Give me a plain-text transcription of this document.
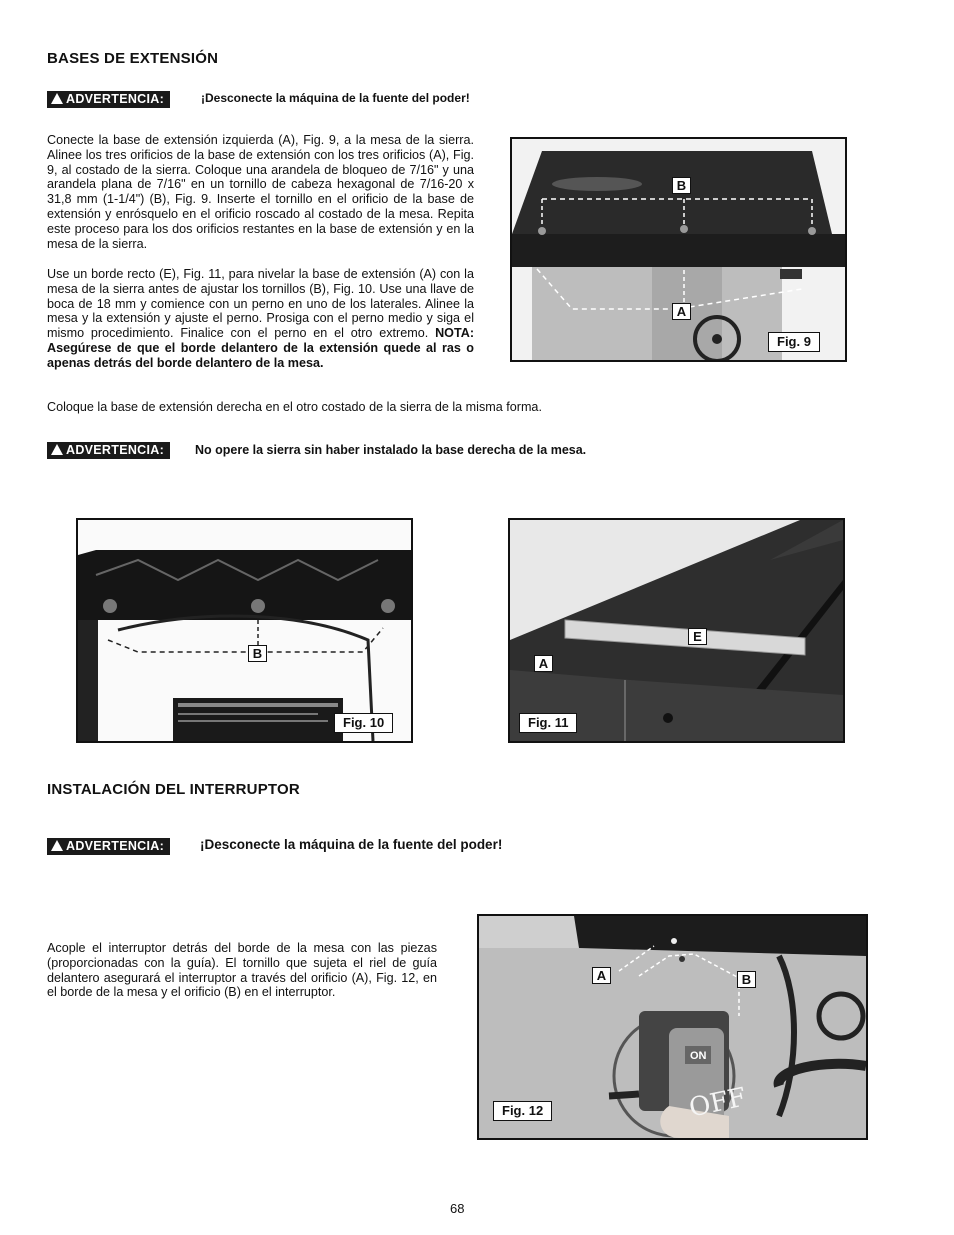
BASES DE EXTENSIÓN
ADVERTENCIA:	¡Desconecte la máquina de la fuente del poder!

Conecte la base de extensión izquierda (A), Fig. 9, a la mesa de la sierra. Alinee los tres orificios de la base de extensión con los tres orificios (A), Fig. 9, al costado de la sierra. Coloque una arandela de bloqueo de 7/16" y una arandela plana de 7/16" en un tornillo de cabeza hexagonal de 7/16-20 x 31,8 mm (1-1/4") (B), Fig. 9. Inserte el tornillo en el orificio de la base de extensión y enrósquelo en el orificio roscado al costado de la mesa. Repita este proceso para los dos orificios restantes en la base de extensión y en la mesa de la sierra.

Use un borde recto (E), Fig. 11, para nivelar la base de extensión (A) con la mesa de la sierra antes de ajustar los tornillos (B), Fig. 10. Use una llave de boca de 18 mm y comience con un perno en uno de los laterales. Alinee la mesa y la extensión y ajuste el perno. Prosiga con el perno medio y siga el mismo procedimiento. Finalice con el perno en el otro extremo. NOTA: Asegúrese de que el borde delantero de la extensión quede al ras o apenas detrás del borde delantero de la mesa.

Coloque la base de extensión derecha en el otro costado de la sierra de la misma forma.

ADVERTENCIA:	No opere la sierra sin haber instalado la base derecha de la mesa.
B
A
Fig. 9
B
Fig. 10
E
A
Fig. 11
INSTALACIÓN DEL INTERRUPTOR
ADVERTENCIA:	¡Desconecte la máquina de la fuente del poder!

Acople el interruptor detrás del borde de la mesa con las piezas (proporcionadas con la guía). El tornillo que sujeta el riel de guía delantero asegurará el interruptor a través del orificio (A), Fig. 12, en el borde de la mesa y el orificio (B) en el interruptor.

A	B
ON
OFF
Fig. 12
68
